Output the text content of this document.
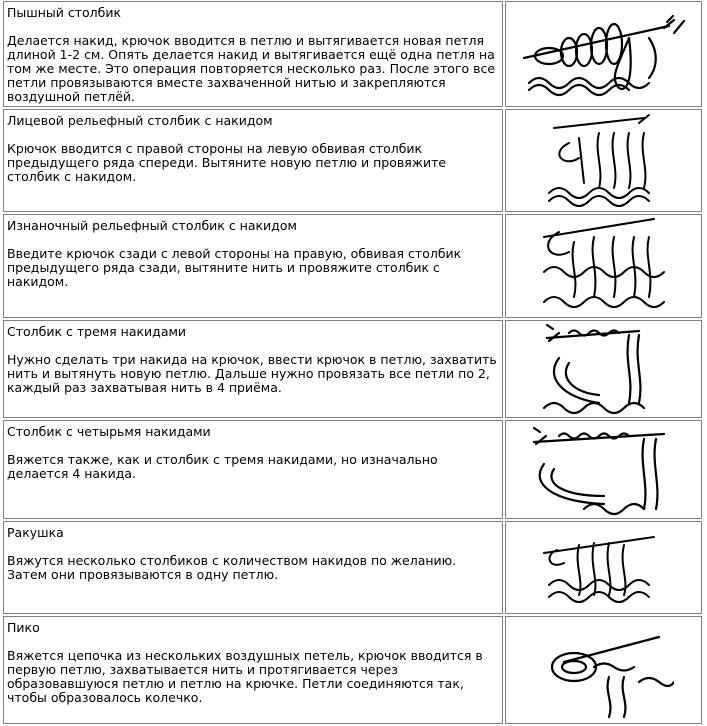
Пышный столбик
Делается накид, крючок вводится в петлю и вытягивается новая петля длиной 1-2 см. Опять делается накид и вытягивается ещё одна петля на том же месте. Это операция повторяется несколько раз. После этого все петли провязываются вместе захваченной нитью и закрепляются воздушной петлёй.

Лицевой рельефный столбик с накидом
Крючок вводится с правой стороны на левую обвивая столбик предыдущего ряда спереди. Вытяните новую петлю и провяжите столбик с накидом.

Изнаночный рельефный столбик с накидом
Введите крючок сзади с левой стороны на правую, обвивая столбик предыдущего ряда сзади, вытяните нить и провяжите столбик с накидом.

Столбик с тремя накидами
Нужно сделать три накида на крючок, ввести крючок в петлю, захватить нить и вытянуть новую петлю. Дальше нужно провязать все петли по 2, каждый раз захватывая нить в 4 приёма.

Столбик с четырьмя накидами
Вяжется также, как и столбик с тремя накидами, но изначально делается 4 накида.

Ракушка
Вяжутся несколько столбиков с количеством накидов по желанию. Затем они провязываются в одну петлю.

Пико
Вяжется цепочка из нескольких воздушных петель, крючок вводится в первую петлю, захватывается нить и протягивается через образовавшуюся петлю и петлю на крючке. Петли соединяются так, чтобы образовалось колечко.
